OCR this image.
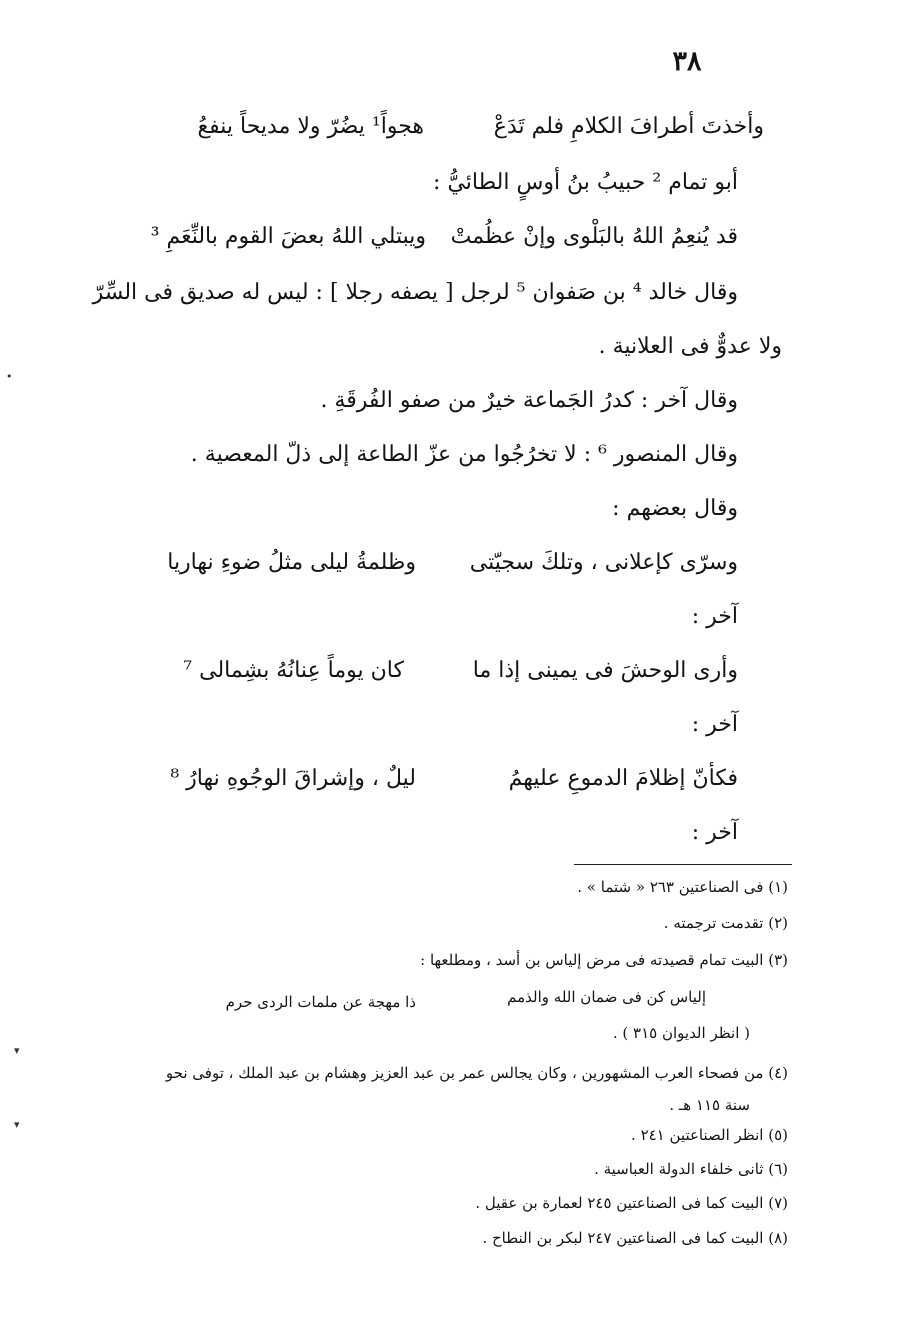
٣٨
وأخذتَ أطرافَ الكلامِ فلم تَدَعْ
هجواً¹ يضُرّ ولا مديحاً ينفعُ
أبو تمام ² حبيبُ بنُ أوسٍ الطائيُّ :
قد يُنعِمُ اللهُ بالبَلْوى وإنْ عظُمتْ
ويبتلي اللهُ بعضَ القوم بالنِّعَمِ ³
وقال خالد ⁴ بن صَفوان ⁵ لرجل [ يصفه رجلا ] : ليس له صديق فى السِّرّ
ولا عدوٌّ فى العلانية .
وقال آخر : كدرُ الجَماعة خيرٌ من صفو الفُرقَةِ .
وقال المنصور ⁶ : لا تخرُجُوا من عزّ الطاعة إلى ذلّ المعصية .
وقال بعضهم :
وسرّى كإعلانى ، وتلكَ سجيّتى
وظلمةُ ليلى مثلُ ضوءِ نهاريا
آخر :
وأرى الوحشَ فى يمينى إذا ما
كان يوماً عِنانُهُ بشِمالى ⁷
آخر :
فكأنّ إظلامَ الدموعِ عليهمُ
ليلٌ ، وإشراقَ الوجُوهِ نهارُ ⁸
آخر :
(١) فى الصناعتين ٢٦٣ « شتما » .
(٢) تقدمت ترجمته .
(٣) البيت تمام قصيدته فى مرض إلياس بن أسد ، ومطلعها :
إلياس كن فى ضمان الله والذمم
ذا مهجة عن ملمات الردى حرم
( انظر الديوان ٣١٥ ) .
(٤) من فصحاء العرب المشهورين ، وكان يجالس عمر بن عبد العزيز وهشام بن عبد الملك ، توفى نحو
سنة ١١٥ هـ .
(٥) انظر الصناعتين ٢٤١ .
(٦) ثانى خلفاء الدولة العباسية .
(٧) البيت كما فى الصناعتين ٢٤٥ لعمارة بن عقيل .
(٨) البيت كما فى الصناعتين ٢٤٧ لبكر بن النطاح .
•
▾
▾
